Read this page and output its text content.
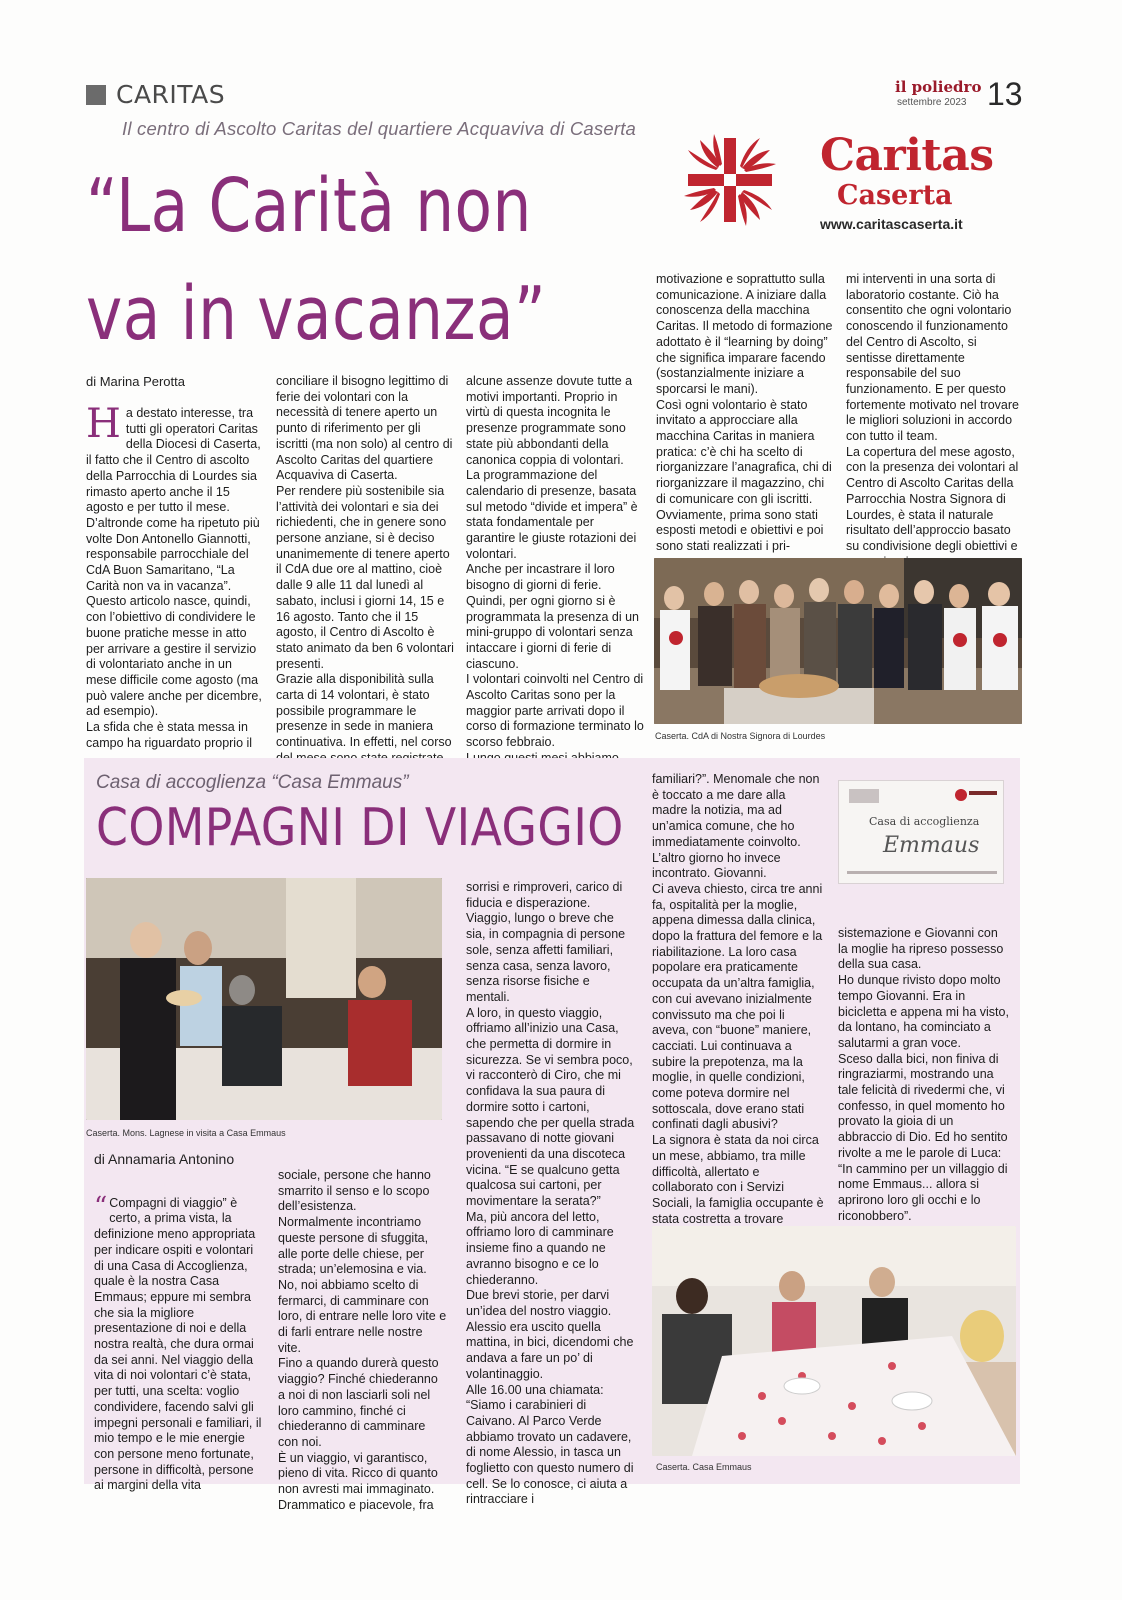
CARITAS	il poliedro
settembre 2023 13
Il centro di Ascolto Caritas del quartiere Acquaviva di Caserta
“La Carità non
va in vacanza”
Caritas
Caserta
www.caritascaserta.it
di Marina Perotta
Ha destato interesse, tra tutti gli operatori Caritas della Diocesi di Caserta, il fatto che il Centro di ascolto della Parrocchia di Lourdes sia rimasto aperto anche il 15 agosto e per tutto il mese. D’altronde come ha ripetuto più volte Don Antonello Giannotti, responsabile parrocchiale del CdA Buon Samaritano, “La Carità non va in vacanza”.
Questo articolo nasce, quindi, con l’obiettivo di condividere le buone pratiche messe in atto per arrivare a gestire il servizio di volontariato anche in un mese difficile come agosto (ma può valere anche per dicembre, ad esempio).
La sfida che è stata messa in campo ha riguardato proprio il
conciliare il bisogno legittimo di ferie dei volontari con la necessità di tenere aperto un punto di riferimento per gli iscritti (ma non solo) al centro di Ascolto Caritas del quartiere Acquaviva di Caserta.
Per rendere più sostenibile sia l’attività dei volontari e sia dei richiedenti, che in genere sono persone anziane, si è deciso unanimemente di tenere aperto il CdA due ore al mattino, cioè dalle 9 alle 11 dal lunedì al sabato, inclusi i giorni 14, 15 e 16 agosto. Tanto che il 15 agosto, il Centro di Ascolto è stato animato da ben 6 volontari presenti.
Grazie alla disponibilità sulla carta di 14 volontari, è stato possibile programmare le presenze in sede in maniera continuativa. In effetti, nel corso
alcune assenze dovute tutte a motivi importanti. Proprio in virtù di questa incognita le presenze programmate sono state più abbondanti della canonica coppia di volontari.
La programmazione del calendario di presenze, basata sul metodo “divide et impera” è stata fondamentale per garantire le giuste rotazioni dei volontari.
Anche per incastrare il loro bisogno di giorni di ferie. Quindi, per ogni giorno si è programmata la presenza di un mini-gruppo di volontari senza intaccare i giorni di ferie di ciascuno.
I volontari coinvolti nel Centro di Ascolto Caritas sono per la maggior parte arrivati dopo il corso di formazione terminato lo scorso febbraio.

motivazione e soprattutto sulla comunicazione. A iniziare dalla conoscenza della macchina Caritas. Il metodo di formazione adottato è il “learning by doing” che significa imparare facendo (sostanzialmente iniziare a sporcarsi le mani).
Così ogni volontario è stato invitato a approcciare alla macchina Caritas in maniera pratica: c’è chi ha scelto di riorganizzare l’anagrafica, chi di riorganizzare il magazzino, chi di comunicare con gli iscritti.
Ovviamente, prima sono stati esposti metodi e obiettivi e poi sono stati realizzati i pri-
mi interventi in una sorta di laboratorio costante. Ciò ha consentito che ogni volontario conoscendo il funzionamento del Centro di Ascolto, si sentisse direttamente responsabile del suo funzionamento. E per questo fortemente motivato nel trovare le migliori soluzioni in accordo con tutto il team.
La copertura del mese agosto, con la presenza dei volontari al Centro di Ascolto Caritas della Parrocchia Nostra Signora di Lourdes, è stata il naturale risultato dell’approccio basato su condivisione degli obiettivi e
Caserta. CdA di Nostra Signora di Lourdes
Casa di accoglienza “Casa Emmaus”
COMPAGNI DI VIAGGIO	Casa di accoglienza
Emmaus
Caserta. Mons. Lagnese in visita a Casa Emmaus
di Annamaria Antonino

“ Compagni di viaggio” è certo, a prima vista, la definizione meno appropriata per indicare ospiti e volontari di una Casa di Accoglienza, quale è la nostra Casa Emmaus; eppure mi sembra che sia la migliore presentazione di noi e della nostra realtà, che dura ormai da sei anni. Nel viaggio della vita di noi volontari c’è stata, per tutti, una scelta: voglio condividere, facendo salvi gli impegni personali e familiari, il mio tempo e le mie energie con persone meno fortunate, persone in difficoltà, persone ai margini della vita

sociale, persone che hanno smarrito il senso e lo scopo dell’esistenza.
Normalmente incontriamo queste persone di sfuggita, alle porte delle chiese, per strada; un’elemosina e via. No, noi abbiamo scelto di fermarci, di camminare con loro, di entrare nelle loro vite e di farli entrare nelle nostre vite.
Fino a quando durerà questo viaggio? Finché chiederanno a noi di non lasciarli soli nel loro cammino, finché ci chiederanno di camminare con noi.
È un viaggio, vi garantisco, pieno di vita. Ricco di quanto non avresti mai immaginato. Drammatico e piacevole, fra
sorrisi e rimproveri, carico di fiducia e disperazione.
Viaggio, lungo o breve che sia, in compagnia di persone sole, senza affetti familiari, senza casa, senza lavoro, senza risorse fisiche e mentali.
A loro, in questo viaggio, offriamo all’inizio una Casa, che permetta di dormire in sicurezza. Se vi sembra poco, vi racconterò di Ciro, che mi confidava la sua paura di dormire sotto i cartoni, sapendo che per quella strada passavano di notte giovani provenienti da una discoteca vicina. “E se qualcuno getta qualcosa sui cartoni, per movimentare la serata?”
Ma, più ancora del letto, offriamo loro di camminare insieme fino a quando ne avranno bisogno e ce lo chiederanno.
Due brevi storie, per darvi un’idea del nostro viaggio.
Alessio era uscito quella mattina, in bici, dicendomi che andava a fare un po’ di volantinaggio.
Alle 16.00 una chiamata: “Siamo i carabinieri di Caivano. Al Parco Verde abbiamo trovato un cadavere, di nome Alessio, in tasca un foglietto con questo numero di cell. Se lo conosce, ci aiuta a rintracciare i
familiari?”. Menomale che non è toccato a me dare alla madre la notizia, ma ad un’amica comune, che ho immediatamente coinvolto.
L’altro giorno ho invece incontrato. Giovanni.
Ci aveva chiesto, circa tre anni fa, ospitalità per la moglie, appena dimessa dalla clinica, dopo la frattura del femore e la riabilitazione. La loro casa popolare era praticamente occupata da un’altra famiglia, con cui avevano inizialmente convissuto ma che poi li aveva, con “buone” maniere, cacciati. Lui continuava a subire la prepotenza, ma la moglie, in quelle condizioni, come poteva dormire nel sottoscala, dove erano stati confinati dagli abusivi?
La signora è stata da noi circa un mese, abbiamo, tra mille difficoltà, allertato e collaborato con i Servizi Sociali, la famiglia occupante è stata costretta a trovare
sistemazione e Giovanni con la moglie ha ripreso possesso della sua casa.
Ho dunque rivisto dopo molto tempo Giovanni. Era in bicicletta e appena mi ha visto, da lontano, ha cominciato a salutarmi a gran voce.
Sceso dalla bici, non finiva di ringraziarmi, mostrando una tale felicità di rivedermi che, vi confesso, in quel momento ho provato la gioia di un abbraccio di Dio. Ed ho sentito rivolte a me le parole di Luca: “In cammino per un villaggio di nome Emmaus... allora si aprirono loro gli occhi e lo riconobbero”.
Caserta. Casa Emmaus
